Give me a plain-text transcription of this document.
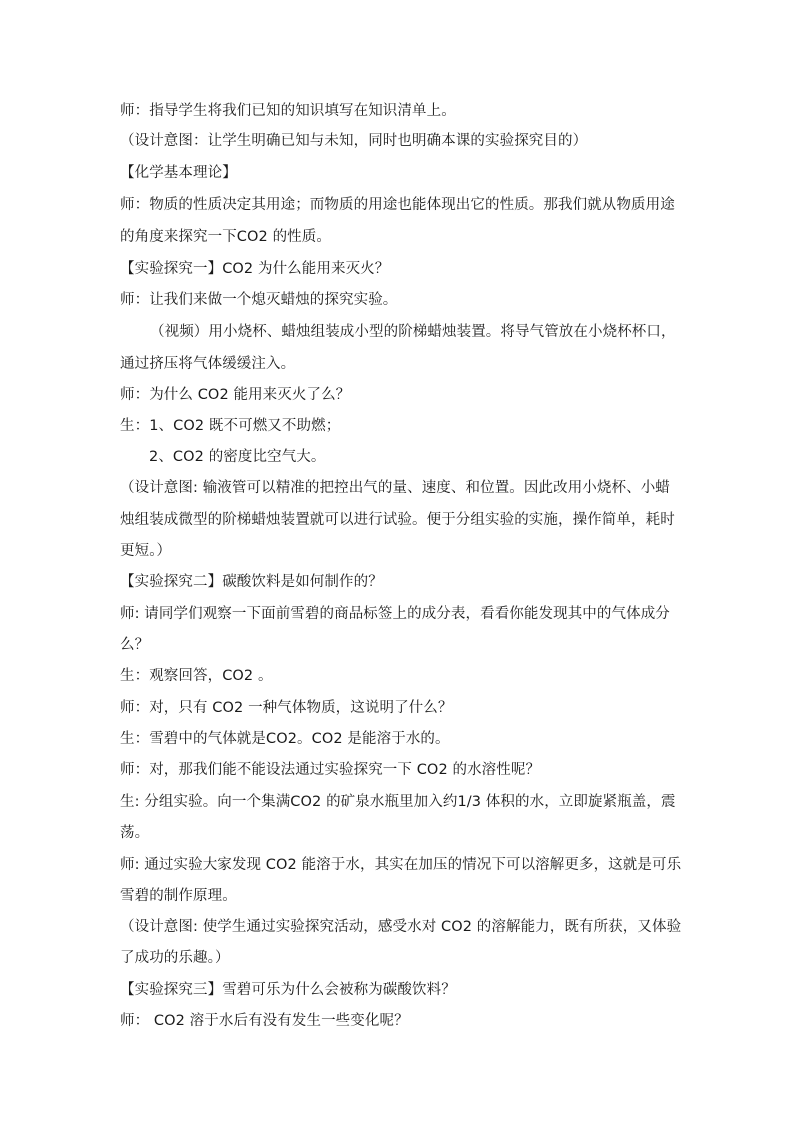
师：指导学生将我们已知的知识填写在知识清单上。
（设计意图：让学生明确已知与未知，同时也明确本课的实验探究目的）
【化学基本理论】
师：物质的性质决定其用途；而物质的用途也能体现出它的性质。那我们就从物质用途
的角度来探究一下CO2 的性质。
【实验探究一】CO2 为什么能用来灭火？
师：让我们来做一个熄灭蜡烛的探究实验。
（视频）用小烧杯、蜡烛组装成小型的阶梯蜡烛装置。将导气管放在小烧杯杯口，
通过挤压将气体缓缓注入。
师：为什么 CO2 能用来灭火了么？
生：1、CO2 既不可燃又不助燃；
2、CO2 的密度比空气大。
（设计意图: 输液管可以精准的把控出气的量、速度、和位置。因此改用小烧杯、小蜡
烛组装成微型的阶梯蜡烛装置就可以进行试验。便于分组实验的实施，操作简单，耗时
更短。）
【实验探究二】碳酸饮料是如何制作的？
师: 请同学们观察一下面前雪碧的商品标签上的成分表，看看你能发现其中的气体成分
么？
生：观察回答，CO2 。
师：对，只有 CO2 一种气体物质，这说明了什么？
生：雪碧中的气体就是CO2。CO2 是能溶于水的。
师：对，那我们能不能设法通过实验探究一下 CO2 的水溶性呢？
生: 分组实验。向一个集满CO2 的矿泉水瓶里加入约1/3 体积的水，立即旋紧瓶盖，震
荡。
师: 通过实验大家发现 CO2 能溶于水，其实在加压的情况下可以溶解更多，这就是可乐
雪碧的制作原理。
（设计意图: 使学生通过实验探究活动，感受水对 CO2 的溶解能力，既有所获，又体验
了成功的乐趣。）
【实验探究三】雪碧可乐为什么会被称为碳酸饮料？
师： CO2 溶于水后有没有发生一些变化呢？
